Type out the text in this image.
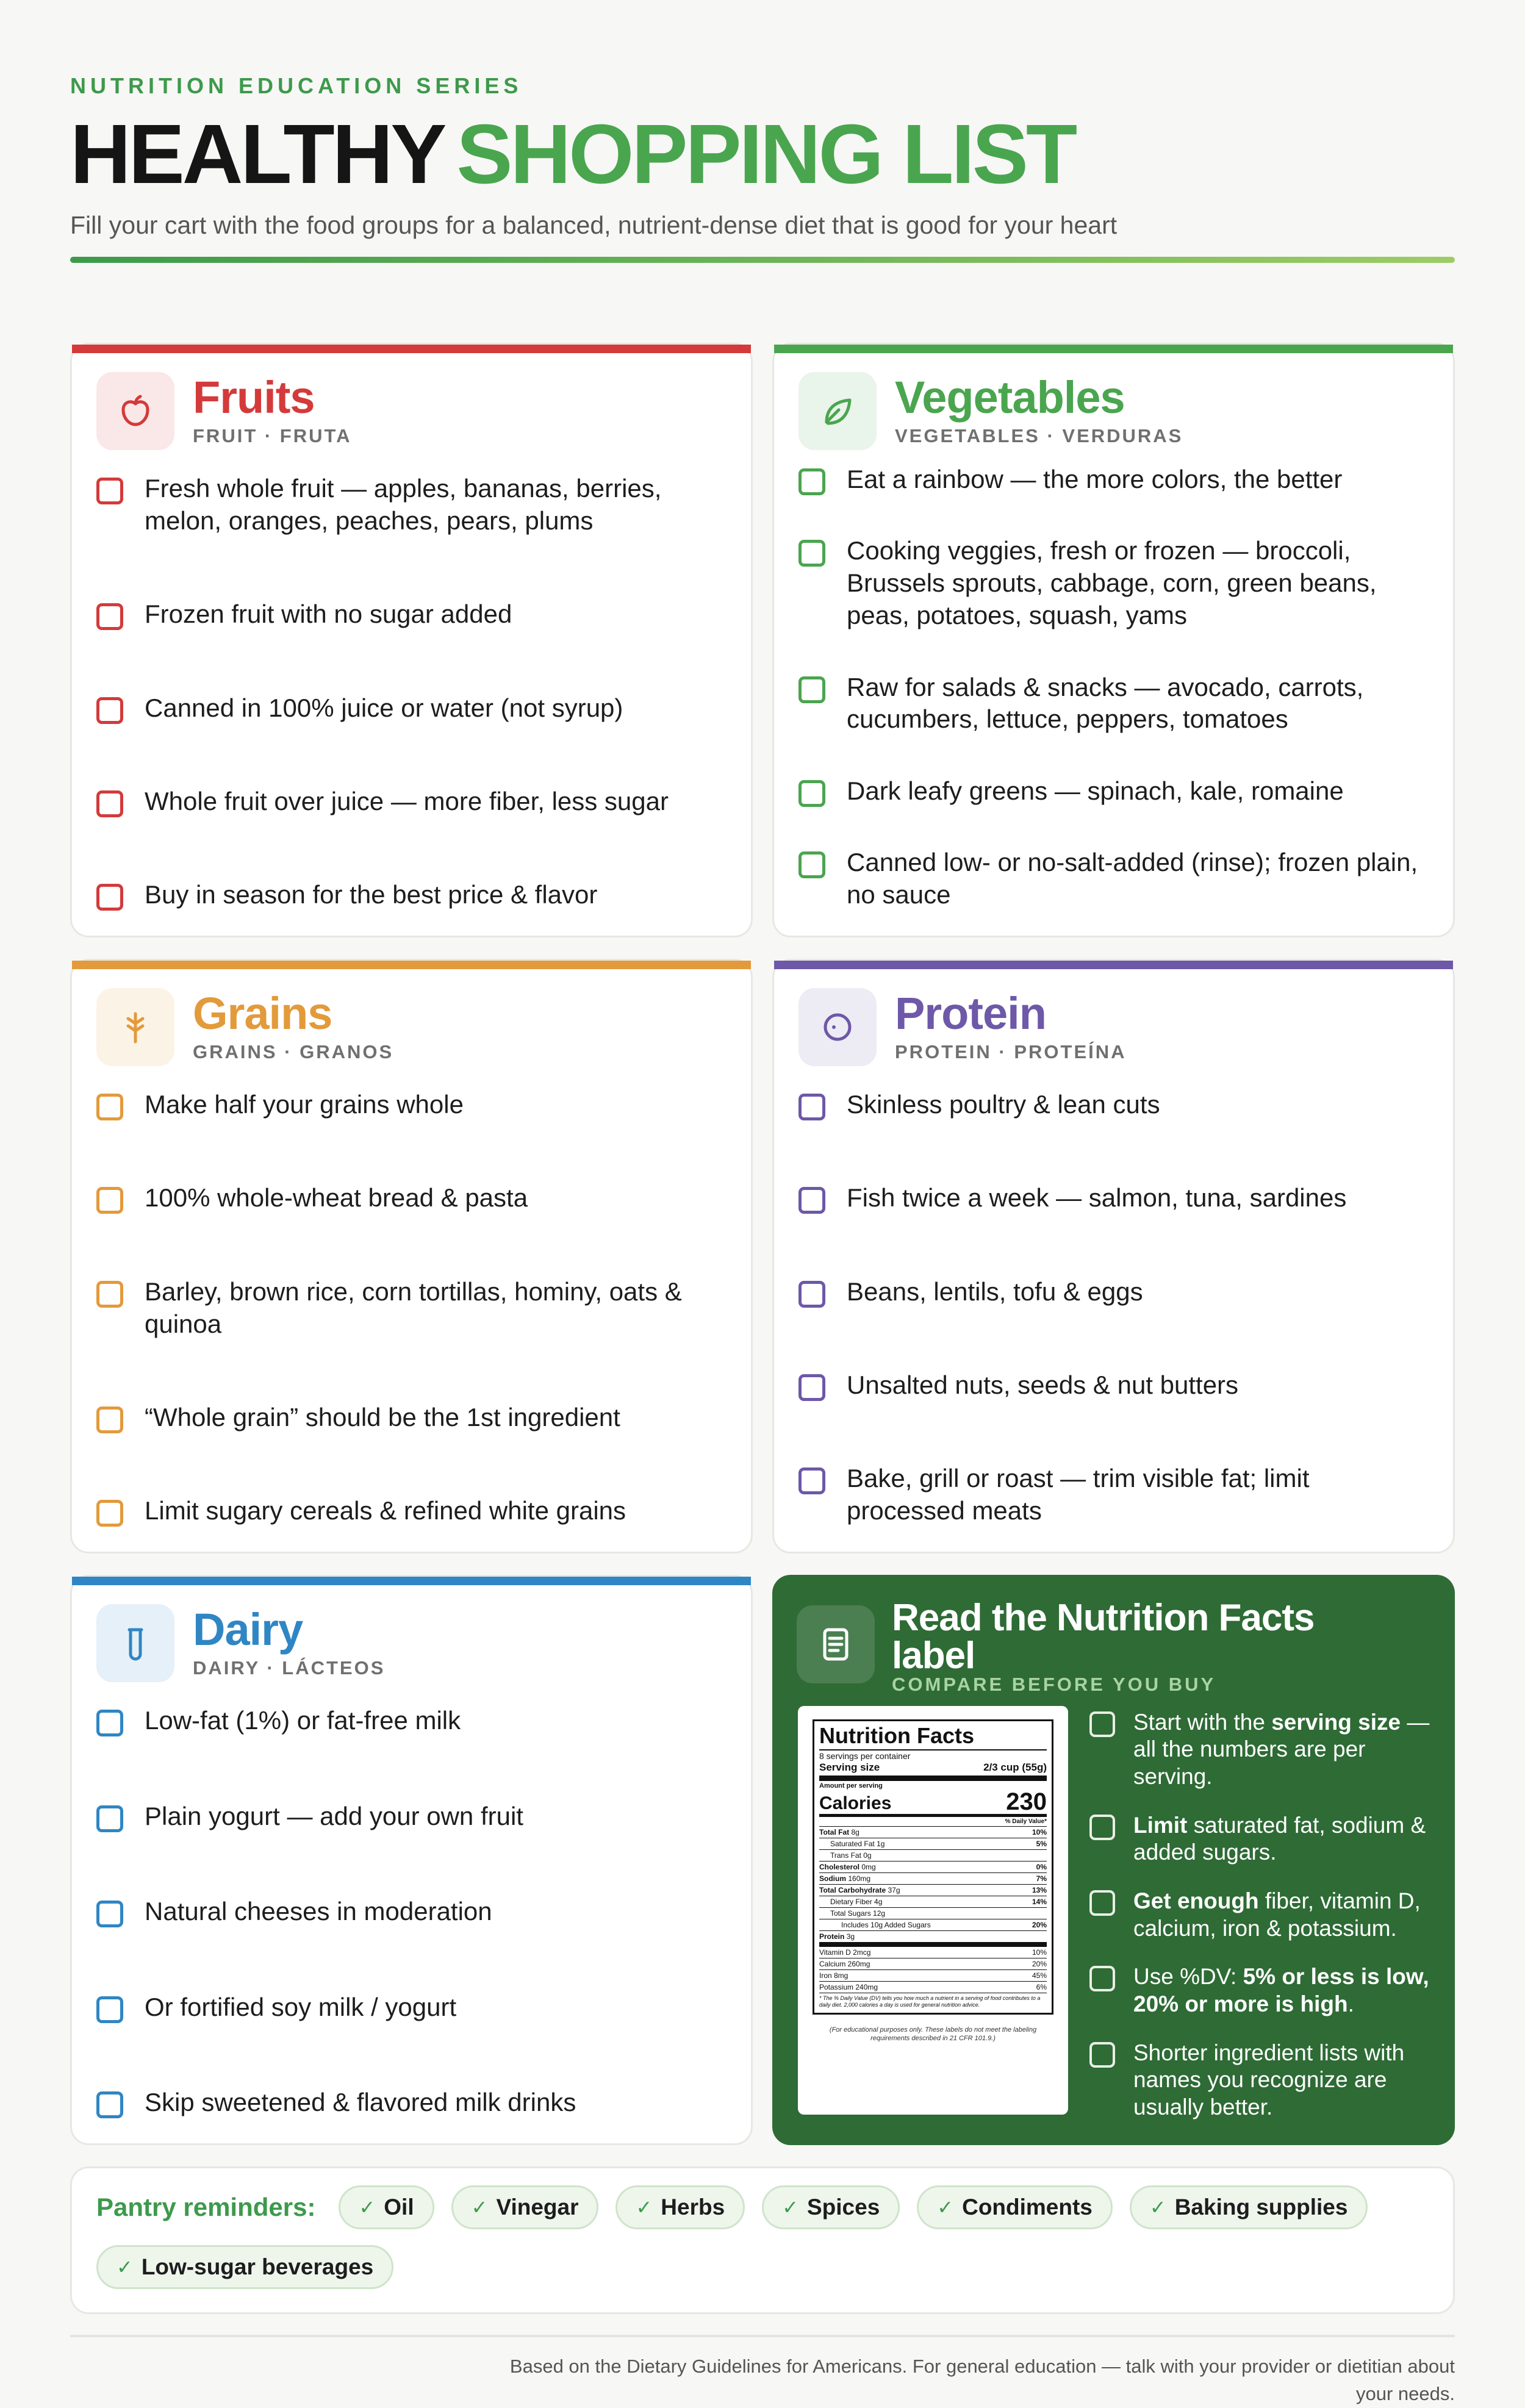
NUTRITION EDUCATION SERIES
HEALTHY SHOPPING LIST
Fill your cart with the food groups for a balanced, nutrient-dense diet that is good for your heart
Fruits
FRUIT · FRUTA
Fresh whole fruit — apples, bananas, berries, melon, oranges, peaches, pears, plums
Frozen fruit with no sugar added
Canned in 100% juice or water (not syrup)
Whole fruit over juice — more fiber, less sugar
Buy in season for the best price & flavor
Vegetables
VEGETABLES · VERDURAS
Eat a rainbow — the more colors, the better
Cooking veggies, fresh or frozen — broccoli, Brussels sprouts, cabbage, corn, green beans, peas, potatoes, squash, yams
Raw for salads & snacks — avocado, carrots, cucumbers, lettuce, peppers, tomatoes
Dark leafy greens — spinach, kale, romaine
Canned low- or no-salt-added (rinse); frozen plain, no sauce
Grains
GRAINS · GRANOS
Make half your grains whole
100% whole-wheat bread & pasta
Barley, brown rice, corn tortillas, hominy, oats & quinoa
“Whole grain” should be the 1st ingredient
Limit sugary cereals & refined white grains
Protein
PROTEIN · PROTEÍNA
Skinless poultry & lean cuts
Fish twice a week — salmon, tuna, sardines
Beans, lentils, tofu & eggs
Unsalted nuts, seeds & nut butters
Bake, grill or roast — trim visible fat; limit processed meats
Dairy
DAIRY · LÁCTEOS
Low-fat (1%) or fat-free milk
Plain yogurt — add your own fruit
Natural cheeses in moderation
Or fortified soy milk / yogurt
Skip sweetened & flavored milk drinks
Read the Nutrition Facts label
COMPARE BEFORE YOU BUY
Nutrition Facts
8 servings per container
Serving size	2/3 cup (55g)
Amount per serving
Calories	230
% Daily Value*
Total Fat 8g	10%
Saturated Fat 1g	5%
Trans Fat 0g
Cholesterol 0mg	0%
Sodium 160mg	7%
Total Carbohydrate 37g	13%
Dietary Fiber 4g	14%
Total Sugars 12g
Includes 10g Added Sugars	20%
Protein 3g
Vitamin D 2mcg	10%
Calcium 260mg	20%
Iron 8mg	45%
Potassium 240mg	6%
* The % Daily Value (DV) tells you how much a nutrient in a serving of food contributes to a daily diet. 2,000 calories a day is used for general nutrition advice.
(For educational purposes only. These labels do not meet the labeling requirements described in 21 CFR 101.9.)
Start with the serving size — all the numbers are per serving.
Limit saturated fat, sodium & added sugars.
Get enough fiber, vitamin D, calcium, iron & potassium.
Use %DV: 5% or less is low, 20% or more is high.
Shorter ingredient lists with names you recognize are usually better.
Pantry reminders: ✓ Oil	✓ Vinegar	✓ Herbs	✓ Spices	✓ Condiments	✓ Baking supplies
✓ Low-sugar beverages
Based on the Dietary Guidelines for Americans. For general education — talk with your provider or dietitian about your needs.
